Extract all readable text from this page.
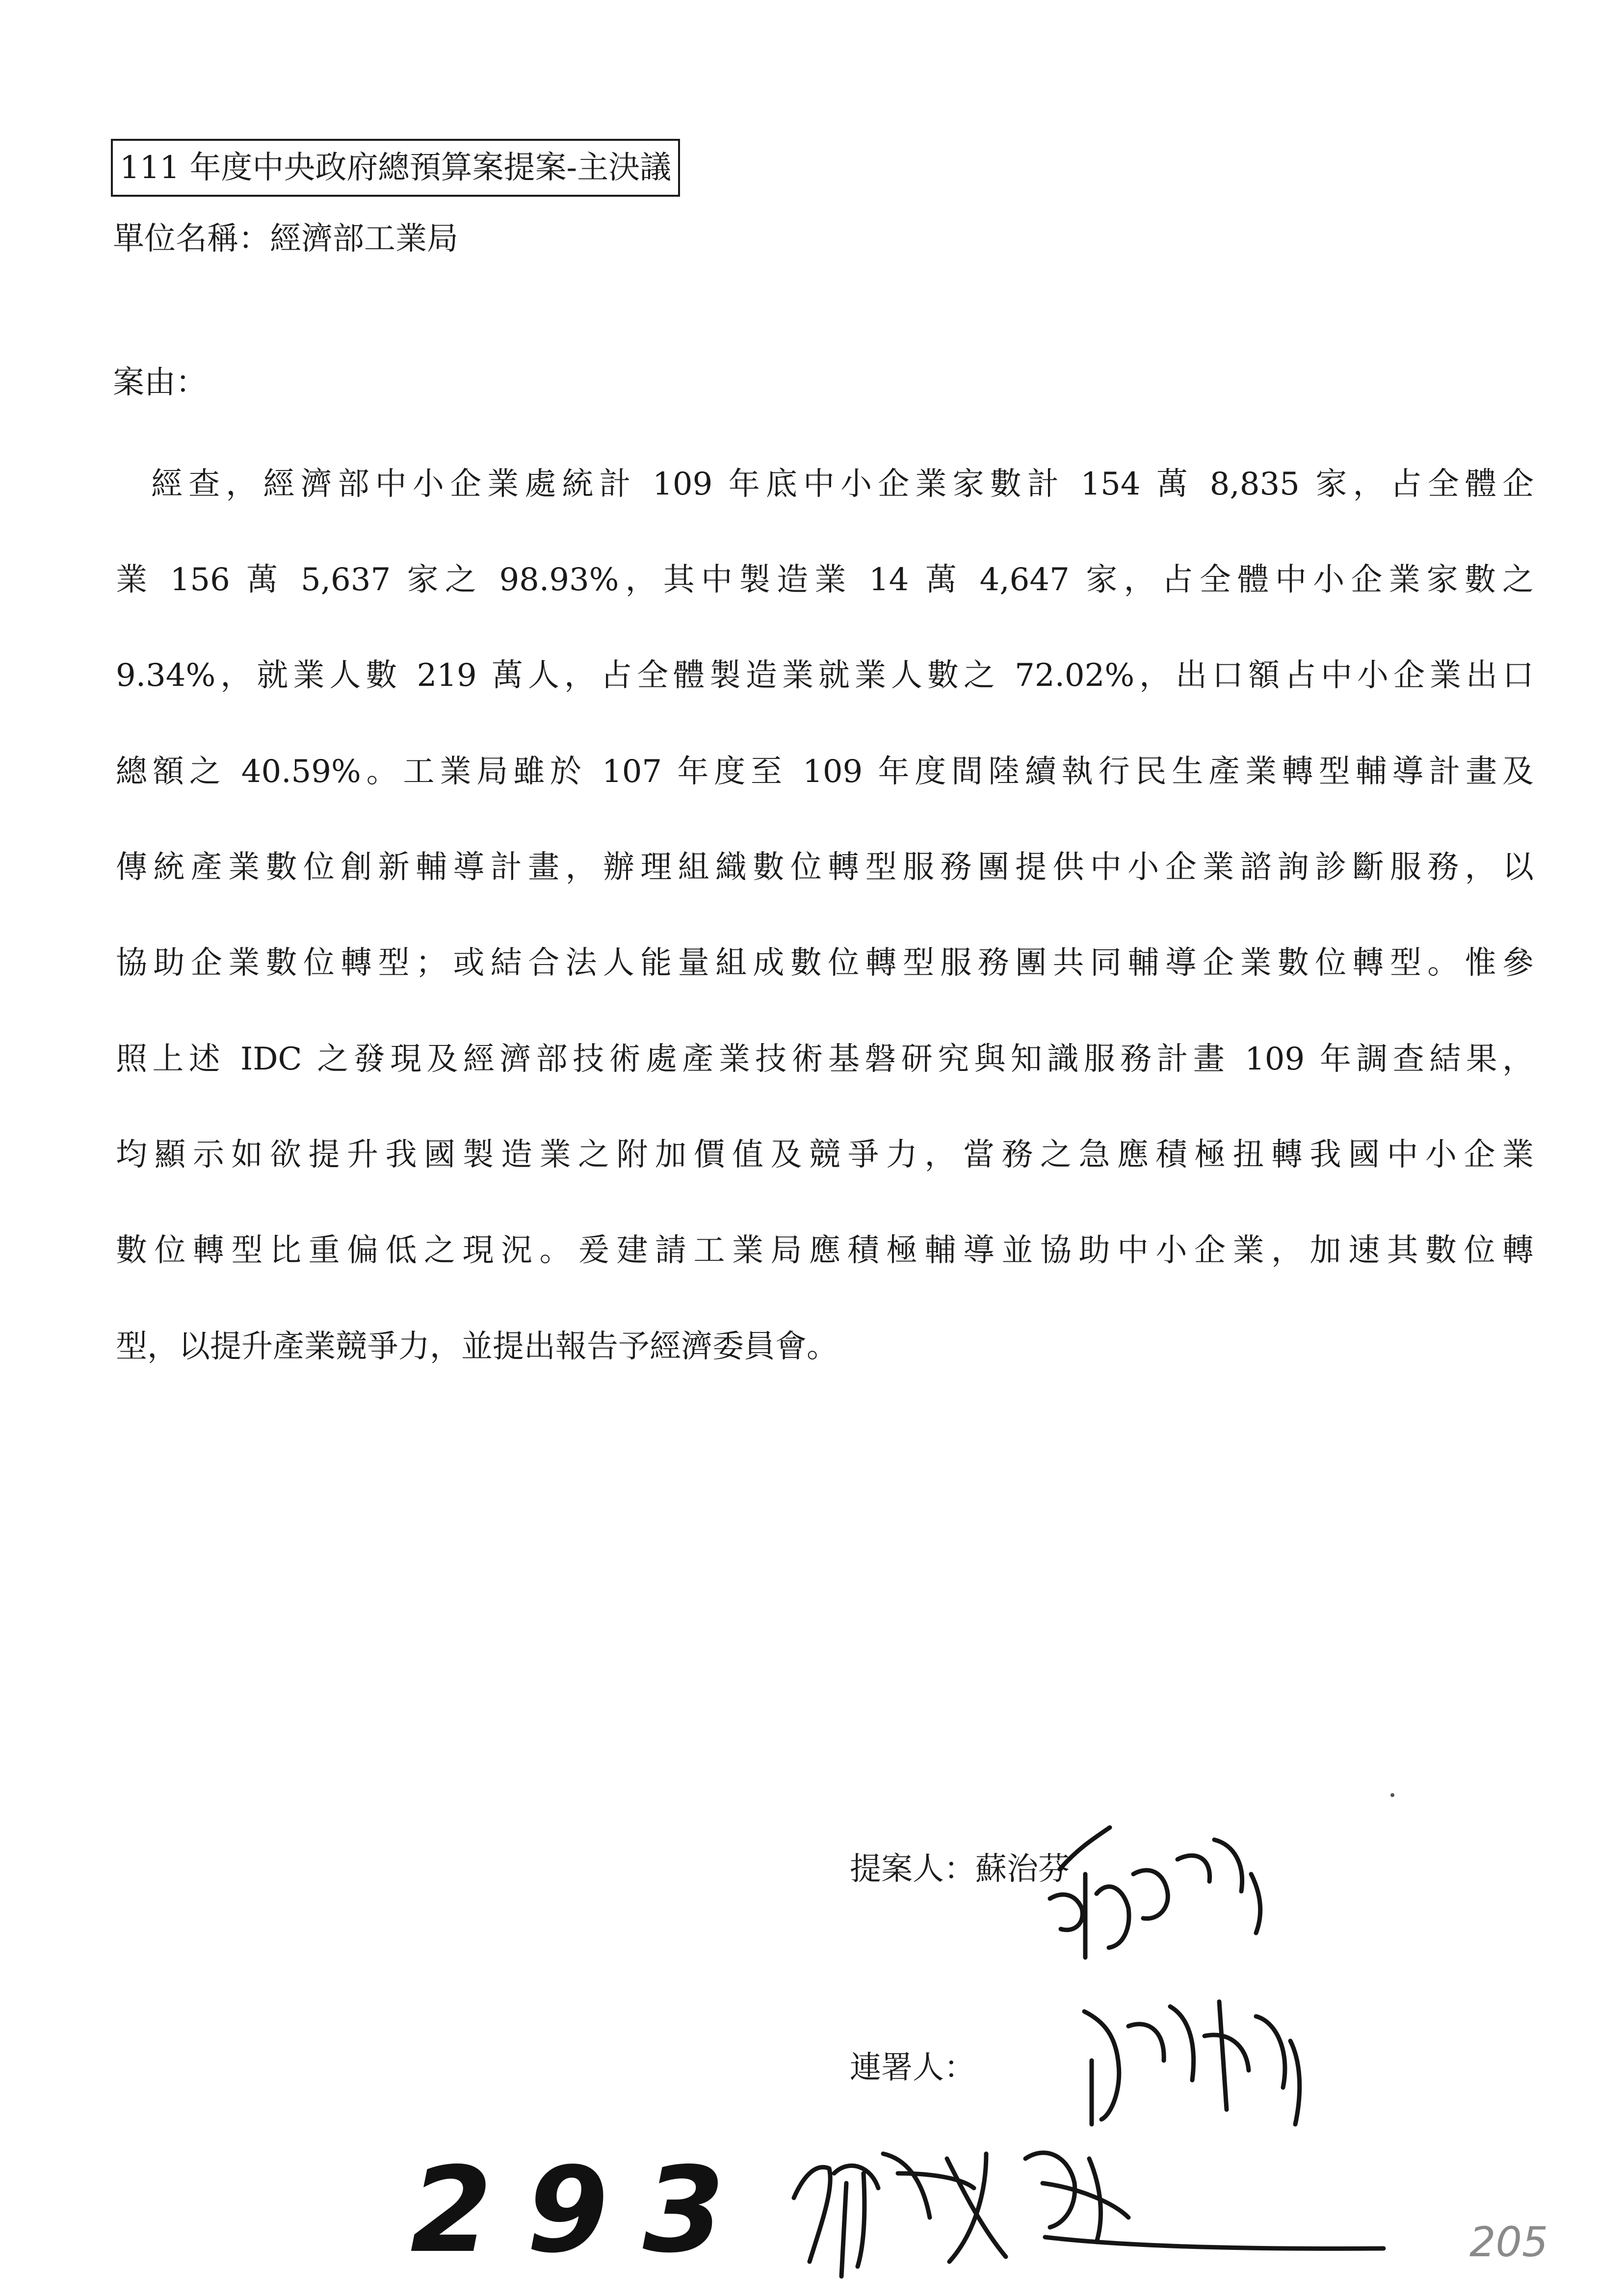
111 年度中央政府總預算案提案-主決議
單位名稱：經濟部工業局
案由：
經查，經濟部中小企業處統計 109 年底中小企業家數計 154 萬 8,835 家，占全體企
業 156 萬 5,637 家之 98.93%，其中製造業 14 萬 4,647 家，占全體中小企業家數之
9.34%，就業人數 219 萬人，占全體製造業就業人數之 72.02%，出口額占中小企業出口
總額之 40.59%。工業局雖於 107 年度至 109 年度間陸續執行民生產業轉型輔導計畫及
傳統產業數位創新輔導計畫，辦理組織數位轉型服務團提供中小企業諮詢診斷服務，以
協助企業數位轉型；或結合法人能量組成數位轉型服務團共同輔導企業數位轉型。惟參
照上述 IDC 之發現及經濟部技術處產業技術基磐研究與知識服務計畫 109 年調查結果，
均顯示如欲提升我國製造業之附加價值及競爭力，當務之急應積極扭轉我國中小企業
數位轉型比重偏低之現況。爰建請工業局應積極輔導並協助中小企業，加速其數位轉
型，以提升產業競爭力，並提出報告予經濟委員會。
提案人：蘇治芬
連署人：
293	205
